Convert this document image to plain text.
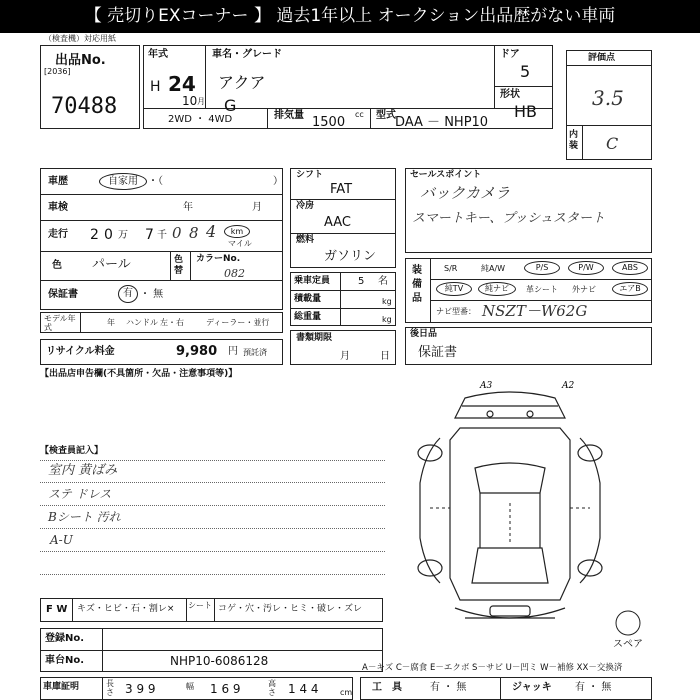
【 売切りEXコーナー 】 過去1年以上 オークション出品歴がない車両
（検査機）対応用紙
出品No.
[2036]
70488
年式
H 24
10 月
車名・グレード
アクア
G
ドア
5
形状
HB
2WD ・ 4WD	排気量	cc
1500	型式 DAA － NHP10
評価点
3.5
内装 C
車歴	自家用	・（　　　　　　　　　　　）
車検	年	月
走行 2 0 万 7 千 0 8 4	km
マイル
色 パール	色替
カラーNo.
082
保証書	有 ・ 無
モデル年式
年 ハンドル 左・右	ディーラー・並行
リサイクル料金	9,980 円 預託済
シフト
FAT
冷房
AAC
燃料
ガソリン
乗車定員	5 名
積載量	kg
総重量	kg
書類期限
月	日
セールスポイント
バックカメラ
スマートキー、プッシュスタート
装備品
S/R	純A/W	P/S	P/W	ABS
純TV	純ナビ	革シート 外ナビ	エアB
ナビ型番： NSZT－W62G
後日品
保証書
【出品店申告欄(不具箇所・欠品・注意事項等)】
【検査員記入】
室内 黄ばみ
ステ ドレス
Bシート 汚れ
A-U
A3	A2
スペア
F W キズ・ヒビ・石・割レ× シート コゲ・穴・汚レ・ヒミ・破レ・ズレ
登録No.
車台No.	NHP10-6086128
車庫証明	長さ 3 9 9	幅 1 6 9	高さ 1 4 4	cm
A－キズ C－腐食 E－エクボ S－サビ U－凹ミ W－補修 XX－交換済
工　具	有 ・ 無	ジャッキ 有 ・ 無
